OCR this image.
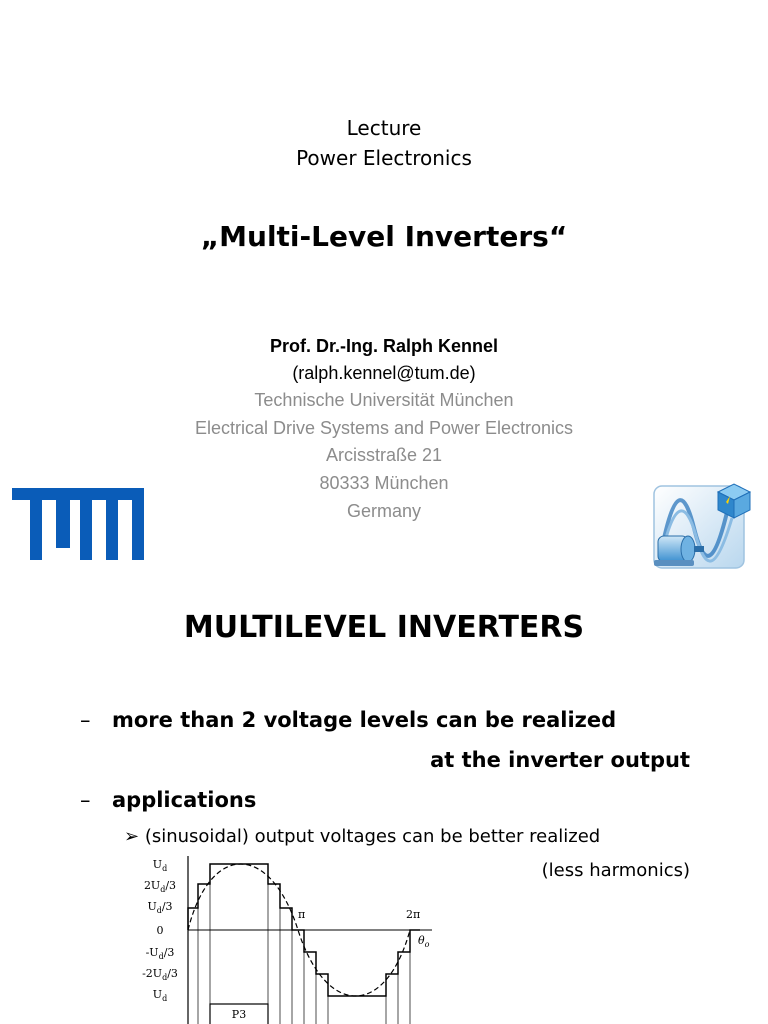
Lecture
Power Electronics
„Multi-Level Inverters“
Prof. Dr.-Ing. Ralph Kennel
(ralph.kennel@tum.de)
Technische Universität München
Electrical Drive Systems and Power Electronics
Arcisstraße 21
80333 München
Germany
MULTILEVEL INVERTERS
– more than 2 voltage levels can be realized
at the inverter output
– applications
➢ (sinusoidal) output voltages can be better realized
(less harmonics)
$U_d$
$2U_d/3$
$U_d/3$
0
$-U_d/3$
$-2U_d/3$
$U_d$
π	2π
$\theta_o$
P3
